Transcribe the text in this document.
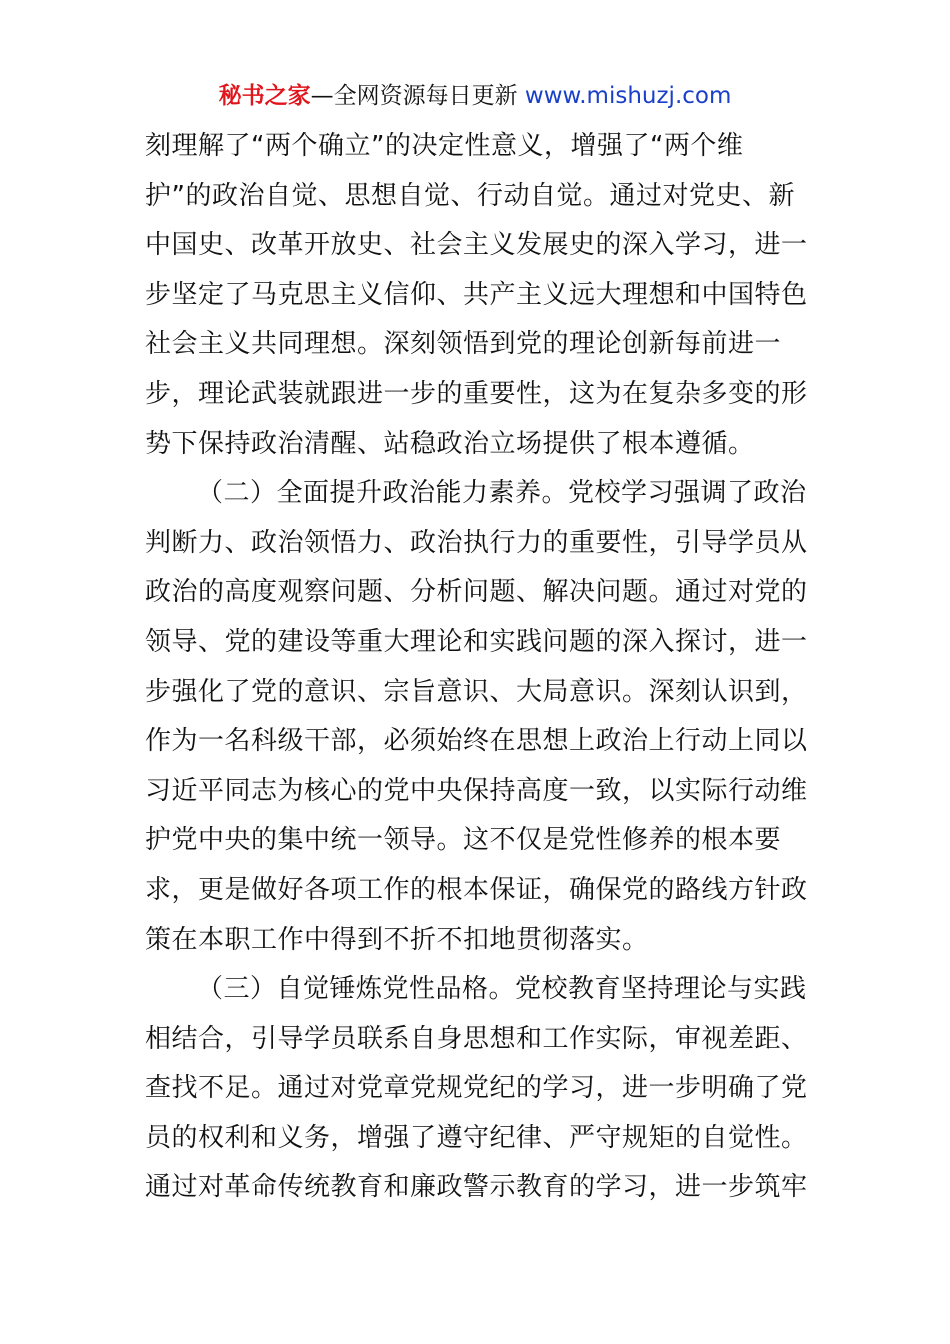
秘书之家—全网资源每日更新 www.mishuzj.com
刻理解了“两个确立”的决定性意义，增强了“两个维
护”的政治自觉、思想自觉、行动自觉。通过对党史、新
中国史、改革开放史、社会主义发展史的深入学习，进一
步坚定了马克思主义信仰、共产主义远大理想和中国特色
社会主义共同理想。深刻领悟到党的理论创新每前进一
步，理论武装就跟进一步的重要性，这为在复杂多变的形
势下保持政治清醒、站稳政治立场提供了根本遵循。
（二）全面提升政治能力素养。党校学习强调了政治
判断力、政治领悟力、政治执行力的重要性，引导学员从
政治的高度观察问题、分析问题、解决问题。通过对党的
领导、党的建设等重大理论和实践问题的深入探讨，进一
步强化了党的意识、宗旨意识、大局意识。深刻认识到，
作为一名科级干部，必须始终在思想上政治上行动上同以
习近平同志为核心的党中央保持高度一致，以实际行动维
护党中央的集中统一领导。这不仅是党性修养的根本要
求，更是做好各项工作的根本保证，确保党的路线方针政
策在本职工作中得到不折不扣地贯彻落实。
（三）自觉锤炼党性品格。党校教育坚持理论与实践
相结合，引导学员联系自身思想和工作实际，审视差距、
查找不足。通过对党章党规党纪的学习，进一步明确了党
员的权利和义务，增强了遵守纪律、严守规矩的自觉性。
通过对革命传统教育和廉政警示教育的学习，进一步筑牢
